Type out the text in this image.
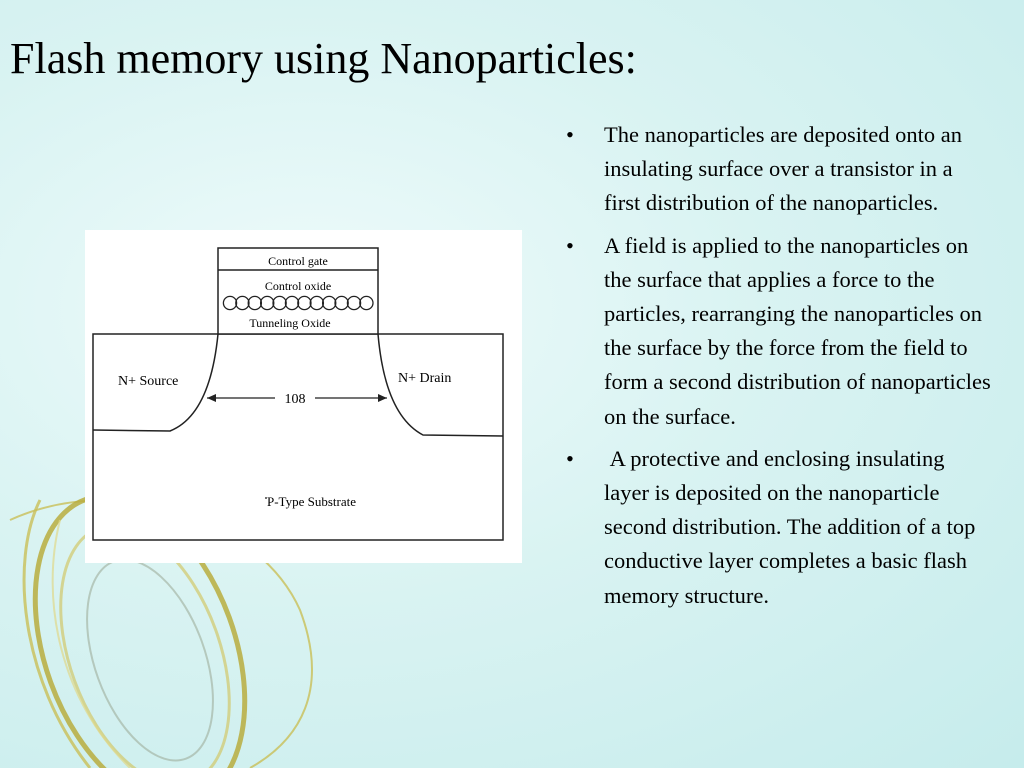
Flash memory using Nanoparticles:
• The nanoparticles are deposited onto an insulating surface over a transistor in a first distribution of the nanoparticles.
• A field is applied to the nanoparticles on the surface that applies a force to the particles, rearranging the nanoparticles on the surface by the force from the field to form a second distribution of nanoparticles on the surface.
• A protective and enclosing insulating layer is deposited on the nanoparticle second distribution. The addition of a top conductive layer completes a basic flash memory structure.
Control gate
Control oxide
Tunneling Oxide
N+ Source	N+ Drain
108
P-Type Substrate
